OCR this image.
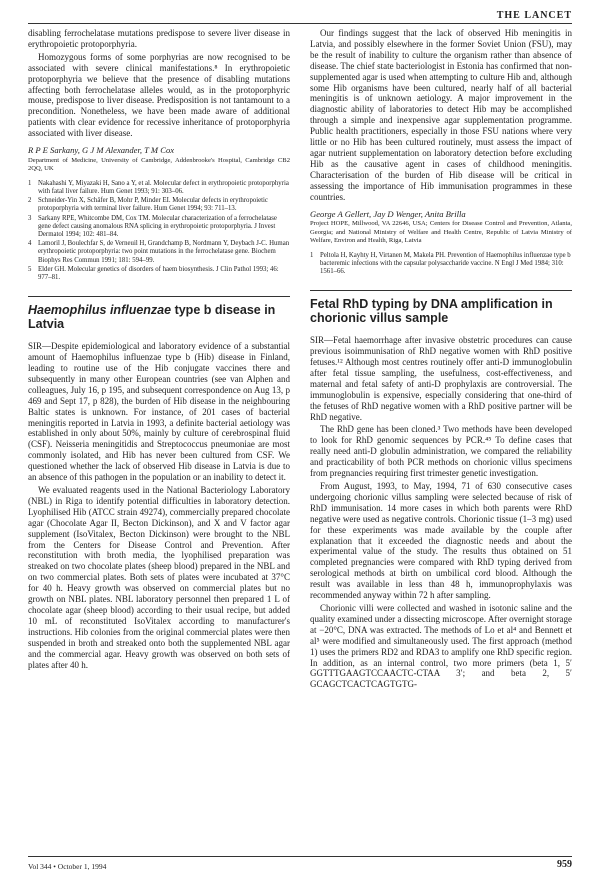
THE LANCET

disabling ferrochelatase mutations predispose to severe liver disease in erythropoietic protoporphyria.

Homozygous forms of some porphyrias are now recognised to be associated with severe clinical manifestations.⁸ In erythropoietic protoporphyria we believe that the presence of disabling mutations affecting both ferrochelatase alleles would, as in the protoporphyric mouse, predispose to liver disease. Predisposition is not tantamount to a precondition. Nonetheless, we have been made aware of additional patients with clear evidence for recessive inheritance of protoporphyria associated with liver disease.

R P E Sarkany, G J M Alexander, T M Cox
Department of Medicine, University of Cambridge, Addenbrooke's Hospital, Cambridge CB2 2QQ, UK
1 Nakahashi Y, Miyazaki H, Sano a Y, et al. Molecular defect in erythropoietic protoporphyria with fatal liver failure. Hum Genet 1993; 91: 303–06.
2 Schneider-Yin X, Schäfer B, Mohr P, Minder EI. Molecular defects in erythropoietic protoporphyria with terminal liver failure. Hum Genet 1994; 93: 711–13.
3 Sarkany RPE, Whitcombe DM, Cox TM. Molecular characterization of a ferrochelatase gene defect causing anomalous RNA splicing in erythropoietic protoporphyria. J Invest Dermatol 1994; 102: 481–84.
4 Lamoril J, Boulechfar S, de Verneuil H, Grandchamp B, Nordmann Y, Deybach J-C. Human erythropoietic protoporphyria: two point mutations in the ferrochelatase gene. Biochem Biophys Res Commun 1991; 181: 594–99.
5 Elder GH. Molecular genetics of disorders of haem biosynthesis. J Clin Pathol 1993; 46: 977–81.
Haemophilus influenzae type b disease in Latvia

SIR—Despite epidemiological and laboratory evidence of a substantial amount of Haemophilus influenzae type b (Hib) disease in Finland, leading to routine use of the Hib conjugate vaccines there and subsequently in many other European countries (see van Alphen and colleagues, July 16, p 195, and subsequent correspondence on Aug 13, p 469 and Sept 17, p 828), the burden of Hib disease in the neighbouring Baltic states is unknown. For instance, of 201 cases of bacterial meningitis reported in Latvia in 1993, a definite bacterial aetiology was established in only about 50%, mainly by culture of cerebrospinal fluid (CSF). Neisseria meningitidis and Streptococcus pneumoniae are most commonly isolated, and Hib has never been cultured from CSF. We questioned whether the lack of observed Hib disease in Latvia is due to an absence of this pathogen in the population or an inability to detect it.

We evaluated reagents used in the National Bacteriology Laboratory (NBL) in Riga to identify potential difficulties in laboratory detection. Lyophilised Hib (ATCC strain 49274), commercially prepared chocolate agar (Chocolate Agar II, Becton Dickinson), and X and V factor agar supplement (IsoVitalex, Becton Dickinson) were brought to the NBL from the Centers for Disease Control and Prevention. After reconstitution with broth media, the lyophilised preparation was streaked on two chocolate plates (sheep blood) prepared in the NBL and on two commercial plates. Both sets of plates were incubated at 37°C for 40 h. Heavy growth was observed on commercial plates but no growth on NBL plates. NBL laboratory personnel then prepared 1 L of chocolate agar (sheep blood) according to their usual recipe, but added 10 mL of reconstituted IsoVitalex according to manufacturer's instructions. Hib colonies from the original commercial plates were then suspended in broth and streaked onto both the supplemented NBL agar and the commercial agar. Heavy growth was observed on both sets of plates after 40 h.

Our findings suggest that the lack of observed Hib meningitis in Latvia, and possibly elsewhere in the former Soviet Union (FSU), may be the result of inability to culture the organism rather than absence of disease. The chief state bacteriologist in Estonia has confirmed that non-supplemented agar is used when attempting to culture Hib and, although some Hib organisms have been cultured, nearly half of all bacterial meningitis is of unknown aetiology. A major improvement in the diagnostic ability of laboratories to detect Hib may be accomplished through a simple and inexpensive agar supplementation programme. Public health practitioners, especially in those FSU nations where very little or no Hib has been cultured routinely, must assess the impact of agar nutrient supplementation on laboratory detection before excluding Hib as the causative agent in cases of childhood meningitis. Characterisation of the burden of Hib disease will be critical in assessing the importance of Hib immunisation programmes in these countries.

George A Gellert, Jay D Wenger, Anita Brilla
Project HOPE, Millwood, VA 22646, USA; Centers for Disease Control and Prevention, Atlanta, Georgia; and National Ministry of Welfare and Health Centre, Republic of Latvia Ministry of Welfare, Environ and Health, Riga, Latvia
1 Peltola H, Kayhty H, Virtanen M, Makela PH. Prevention of Haemophilus influenzae type b bacteremic infections with the capsular polysaccharide vaccine. N Engl J Med 1984; 310: 1561–66.
Fetal RhD typing by DNA amplification in chorionic villus sample

SIR—Fetal haemorrhage after invasive obstetric procedures can cause previous isoimmunisation of RhD negative women with RhD positive fetuses.¹² Although most centres routinely offer anti-D immunoglobulin after fetal tissue sampling, the usefulness, cost-effectiveness, and maternal and fetal safety of anti-D prophylaxis are controversial. The immunoglobulin is expensive, especially considering that one-third of the fetuses of RhD negative women with a RhD positive partner will be RhD negative.

The RhD gene has been cloned.³ Two methods have been developed to look for RhD genomic sequences by PCR.⁴⁵ To define cases that really need anti-D globulin administration, we compared the reliability and practicability of both PCR methods on chorionic villus specimens from pregnancies requiring first trimester genetic investigation.

From August, 1993, to May, 1994, 71 of 630 consecutive cases undergoing chorionic villus sampling were selected because of risk of RhD immunisation. 14 more cases in which both parents were RhD negative were used as negative controls. Chorionic tissue (1–3 mg) used for these experiments was made available by the couple after explanation that it exceeded the diagnostic needs and about the experimental value of the study. The results thus obtained on 51 completed pregnancies were compared with RhD typing derived from serological methods at birth on umbilical cord blood. Although the result was available in less than 48 h, immunoprophylaxis was recommended anyway within 72 h after sampling.

Chorionic villi were collected and washed in isotonic saline and the quality examined under a dissecting microscope. After overnight storage at −20°C, DNA was extracted. The methods of Lo et al⁴ and Bennett et al⁵ were modified and simultaneously used. The first approach (method 1) uses the primers RD2 and RDA3 to amplify one RhD specific region. In addition, as an internal control, two more primers (beta 1, 5′ GGTTTGAAGTCCAACTC-CTAA 3′; and beta 2, 5′ GCAGCTCACTCAGTGTG-

Vol 344 • October 1, 1994	959
